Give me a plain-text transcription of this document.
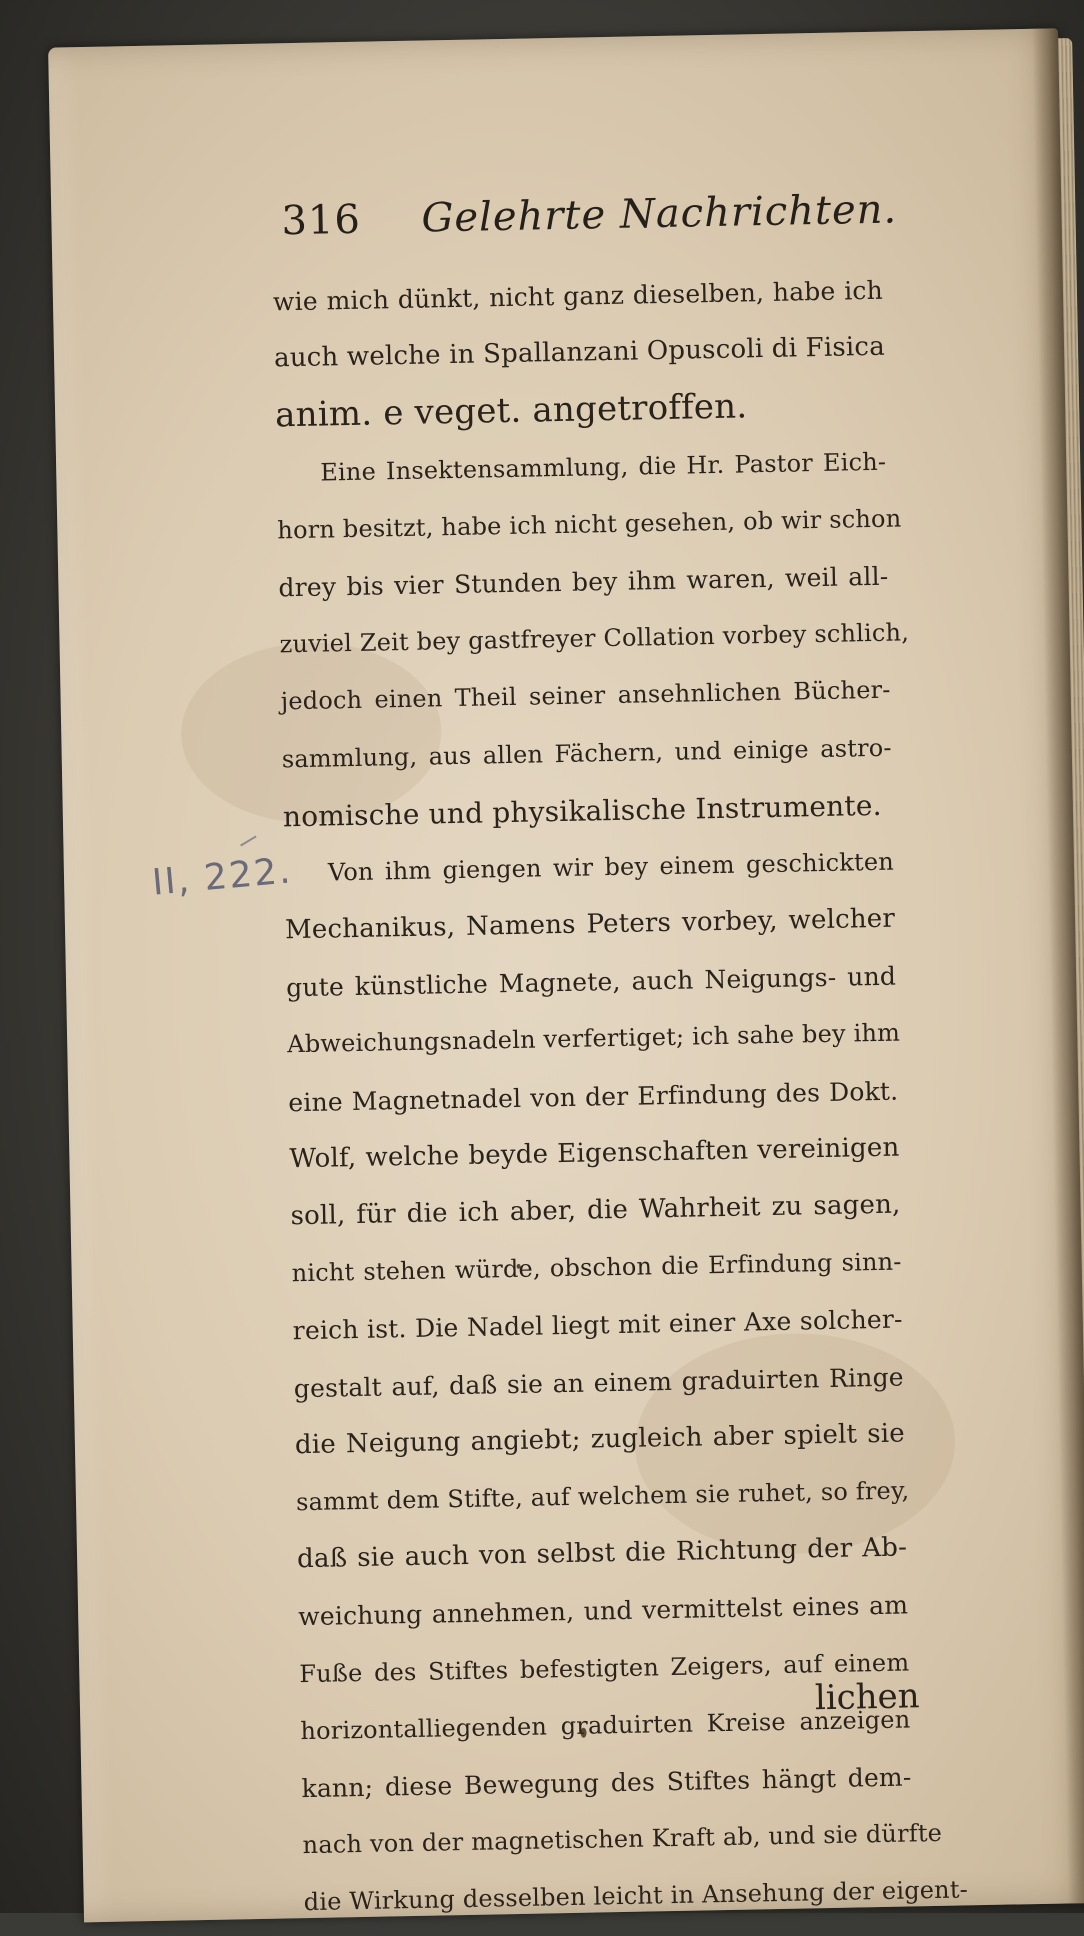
316 Gelehrte Nachrichten.
II, 222.
wie mich dünkt, nicht ganz dieselben, habe ich
auch welche in Spallanzani Opuscoli di Fisica
anim. e veget. angetroffen.
Eine Insektensammlung, die Hr. Pastor Eich-
horn besitzt, habe ich nicht gesehen, ob wir schon
drey bis vier Stunden bey ihm waren, weil all-
zuviel Zeit bey gastfreyer Collation vorbey schlich,
jedoch einen Theil seiner ansehnlichen Bücher-
sammlung, aus allen Fächern, und einige astro-
nomische und physikalische Instrumente.
Von ihm giengen wir bey einem geschickten
Mechanikus, Namens Peters vorbey, welcher
gute künstliche Magnete, auch Neigungs- und
Abweichungsnadeln verfertiget; ich sahe bey ihm
eine Magnetnadel von der Erfindung des Dokt.
Wolf, welche beyde Eigenschaften vereinigen
soll, für die ich aber, die Wahrheit zu sagen,
nicht stehen würde, obschon die Erfindung sinn-
reich ist. Die Nadel liegt mit einer Axe solcher-
gestalt auf, daß sie an einem graduirten Ringe
die Neigung angiebt; zugleich aber spielt sie
sammt dem Stifte, auf welchem sie ruhet, so frey,
daß sie auch von selbst die Richtung der Ab-
weichung annehmen, und vermittelst eines am
Fuße des Stiftes befestigten Zeigers, auf einem
horizontalliegenden graduirten Kreise anzeigen
kann; diese Bewegung des Stiftes hängt dem-
nach von der magnetischen Kraft ab, und sie dürfte
die Wirkung desselben leicht in Ansehung der eigent-
lichen
